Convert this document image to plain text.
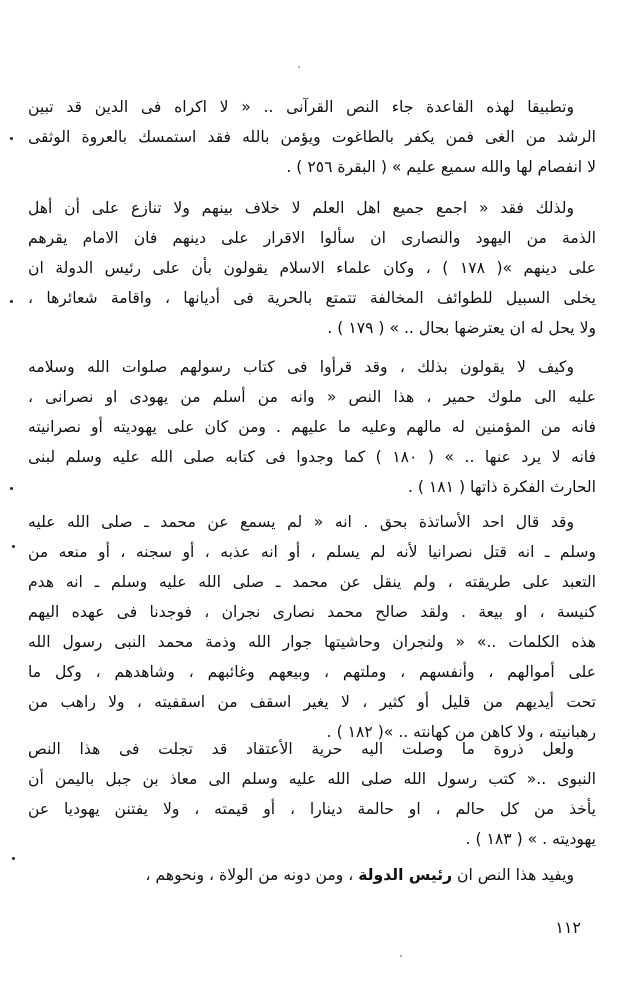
وتطبيقا لهذه القاعدة جاء النص القرآنى .. « لا اكراه فى الدين قد تبين
الرشد من الغى فمن يكفر بالطاغوت ويؤمن بالله فقد استمسك بالعروة الوثقى
لا انفصام لها والله سميع عليم » ( البقرة ٢٥٦ ) .
ولذلك فقد « اجمع جميع اهل العلم لا خلاف بينهم ولا تنازع على أن أهل
الذمة من اليهود والنصارى ان سألوا الاقرار على دينهم فان الامام يقرهم
على دينهم »( ١٧٨ ) ، وكان علماء الاسلام يقولون بأن على رئيس الدولة ان
يخلى السبيل للطوائف المخالفة تتمتع بالحرية فى أديانها ، واقامة شعائرها ،
ولا يحل له ان يعترضها بحال .. » ( ١٧٩ ) .
وكيف لا يقولون بذلك ، وقد قرأوا فى كتاب رسولهم صلوات الله وسلامه
عليه الى ملوك حمير ، هذا النص « وانه من أسلم من يهودى او نصرانى ،
فانه من المؤمنين له مالهم وعليه ما عليهم . ومن كان على يهوديته أو نصرانيته
فانه لا يرد عنها .. » ( ١٨٠ ) كما وجدوا فى كتابه صلى الله عليه وسلم لبنى
الحارث الفكرة ذاتها ( ١٨١ ) .
وقد قال احد الأساتذة بحق . انه « لم يسمع عن محمد ـ صلى الله عليه
وسلم ـ انه قتل نصرانيا لأنه لم يسلم ، أو انه عذبه ، أو سجنه ، أو منعه من
التعبد على طريقته ، ولم ينقل عن محمد ـ صلى الله عليه وسلم ـ انه هدم
كنيسة ، او بيعة . ولقد صالح محمد نصارى نجران ، فوجدنا فى عهده اليهم
هذه الكلمات ..» « ولنجران وحاشيتها جوار الله وذمة محمد النبى رسول الله
على أموالهم ، وأنفسهم ، وملتهم ، وبيعهم وغائبهم ، وشاهدهم ، وكل ما
تحت أيديهم من قليل أو كثير ، لا يغير اسقف من اسقفيته ، ولا راهب من
رهبانيته ، ولا كاهن من كهانته .. »( ١٨٢ ) .
ولعل ذروة ما وصلت اليه حرية الأعتقاد قد تجلت فى هذا النص
النبوى ..« كتب رسول الله صلى الله عليه وسلم الى معاذ بن جبل باليمن أن
يأخذ من كل حالم ، او حالمة دينارا ، أو قيمته ، ولا يفتنن يهوديا عن
يهوديته . » ( ١٨٣ ) .
ويفيد هذا النص ان رئيس الدولة ، ومن دونه من الولاة ، ونحوهم ،
١١٢
